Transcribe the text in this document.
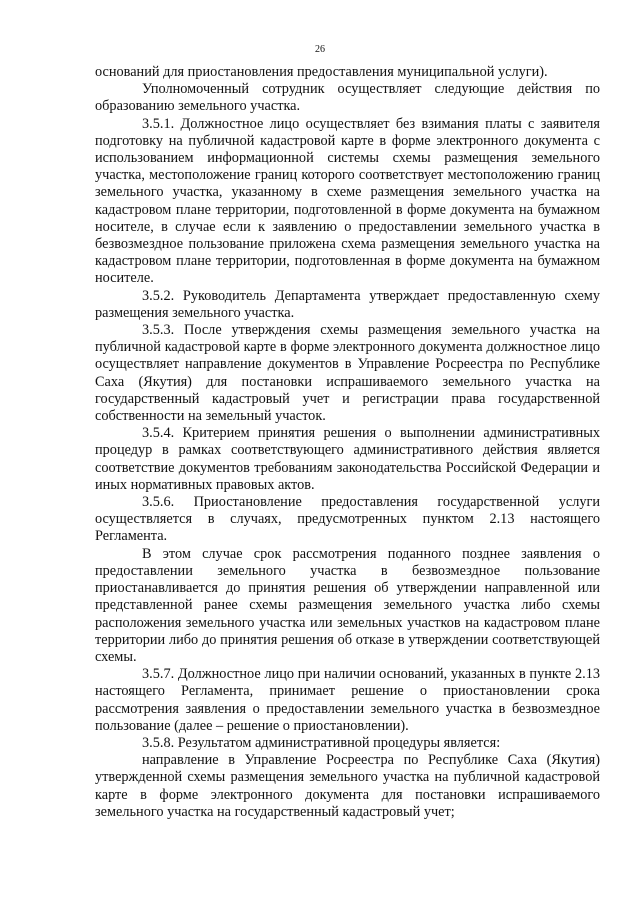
26

оснований для приостановления предоставления муниципальной услуги).

Уполномоченный сотрудник осуществляет следующие действия по образованию земельного участка.

3.5.1. Должностное лицо осуществляет без взимания платы с заявителя подготовку на публичной кадастровой карте в форме электронного документа с использованием информационной системы схемы размещения земельного участка, местоположение границ которого соответствует местоположению границ земельного участка, указанному в схеме размещения земельного участка на кадастровом плане территории, подготовленной в форме документа на бумажном носителе, в случае если к заявлению о предоставлении земельного участка в безвозмездное пользование приложена схема размещения земельного участка на кадастровом плане территории, подготовленная в форме документа на бумажном носителе.

3.5.2. Руководитель Департамента утверждает предоставленную схему размещения земельного участка.

3.5.3. После утверждения схемы размещения земельного участка на публичной кадастровой карте в форме электронного документа должностное лицо осуществляет направление документов в Управление Росреестра по Республике Саха (Якутия) для постановки испрашиваемого земельного участка на государственный кадастровый учет и регистрации права государственной собственности на земельный участок.

3.5.4. Критерием принятия решения о выполнении административных процедур в рамках соответствующего административного действия является соответствие документов требованиям законодательства Российской Федерации и иных нормативных правовых актов.

3.5.6. Приостановление предоставления государственной услуги осуществляется в случаях, предусмотренных пунктом 2.13 настоящего Регламента.

В этом случае срок рассмотрения поданного позднее заявления о предоставлении земельного участка в безвозмездное пользование приостанавливается до принятия решения об утверждении направленной или представленной ранее схемы размещения земельного участка либо схемы расположения земельного участка или земельных участков на кадастровом плане территории либо до принятия решения об отказе в утверждении соответствующей схемы.

3.5.7. Должностное лицо при наличии оснований, указанных в пункте 2.13 настоящего Регламента, принимает решение о приостановлении срока рассмотрения заявления о предоставлении земельного участка в безвозмездное пользование (далее – решение о приостановлении).

3.5.8. Результатом административной процедуры является:

направление в Управление Росреестра по Республике Саха (Якутия) утвержденной схемы размещения земельного участка на публичной кадастровой карте в форме электронного документа для постановки испрашиваемого земельного участка на государственный кадастровый учет;
